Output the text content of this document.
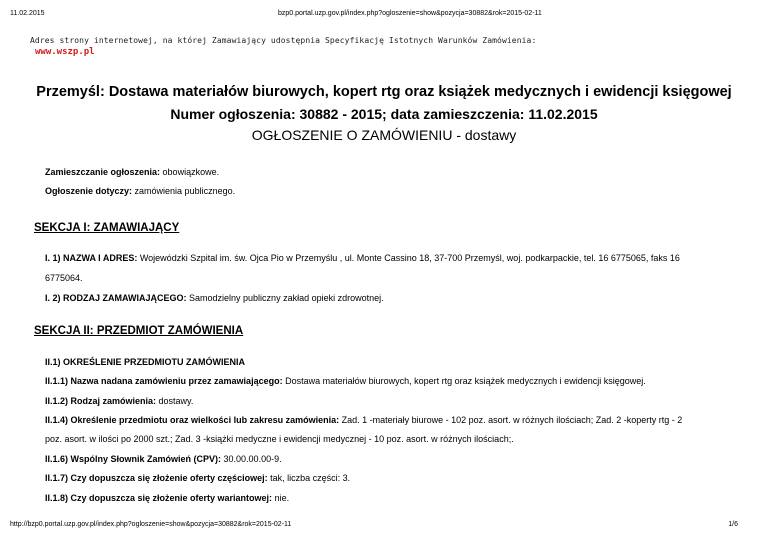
11.02.2015	bzp0.portal.uzp.gov.pl/index.php?ogloszenie=show&pozycja=30882&rok=2015-02-11
Adres strony internetowej, na której Zamawiający udostępnia Specyfikację Istotnych Warunków Zamówienia:
www.wszp.pl
Przemyśl: Dostawa materiałów biurowych, kopert rtg oraz książek medycznych i ewidencji księgowej
Numer ogłoszenia: 30882 - 2015; data zamieszczenia: 11.02.2015
OGŁOSZENIE O ZAMÓWIENIU - dostawy
Zamieszczanie ogłoszenia: obowiązkowe.
Ogłoszenie dotyczy: zamówienia publicznego.
SEKCJA I: ZAMAWIAJĄCY
I. 1) NAZWA I ADRES: Wojewódzki Szpital im. św. Ojca Pio w Przemyślu , ul. Monte Cassino 18, 37-700 Przemyśl, woj. podkarpackie, tel. 16 6775065, faks 16
6775064.
I. 2) RODZAJ ZAMAWIAJĄCEGO: Samodzielny publiczny zakład opieki zdrowotnej.
SEKCJA II: PRZEDMIOT ZAMÓWIENIA
II.1) OKREŚLENIE PRZEDMIOTU ZAMÓWIENIA
II.1.1) Nazwa nadana zamówieniu przez zamawiającego: Dostawa materiałów biurowych, kopert rtg oraz książek medycznych i ewidencji księgowej.
II.1.2) Rodzaj zamówienia: dostawy.
II.1.4) Określenie przedmiotu oraz wielkości lub zakresu zamówienia: Zad. 1 -materiały biurowe - 102 poz. asort. w różnych ilościach; Zad. 2 -koperty rtg - 2
poz. asort. w ilości po 2000 szt.; Zad. 3 -książki medyczne i ewidencji medycznej - 10 poz. asort. w różnych ilościach;.
II.1.6) Wspólny Słownik Zamówień (CPV): 30.00.00.00-9.
II.1.7) Czy dopuszcza się złożenie oferty częściowej: tak, liczba części: 3.
II.1.8) Czy dopuszcza się złożenie oferty wariantowej: nie.
http://bzp0.portal.uzp.gov.pl/index.php?ogloszenie=show&pozycja=30882&rok=2015-02-11	1/6
